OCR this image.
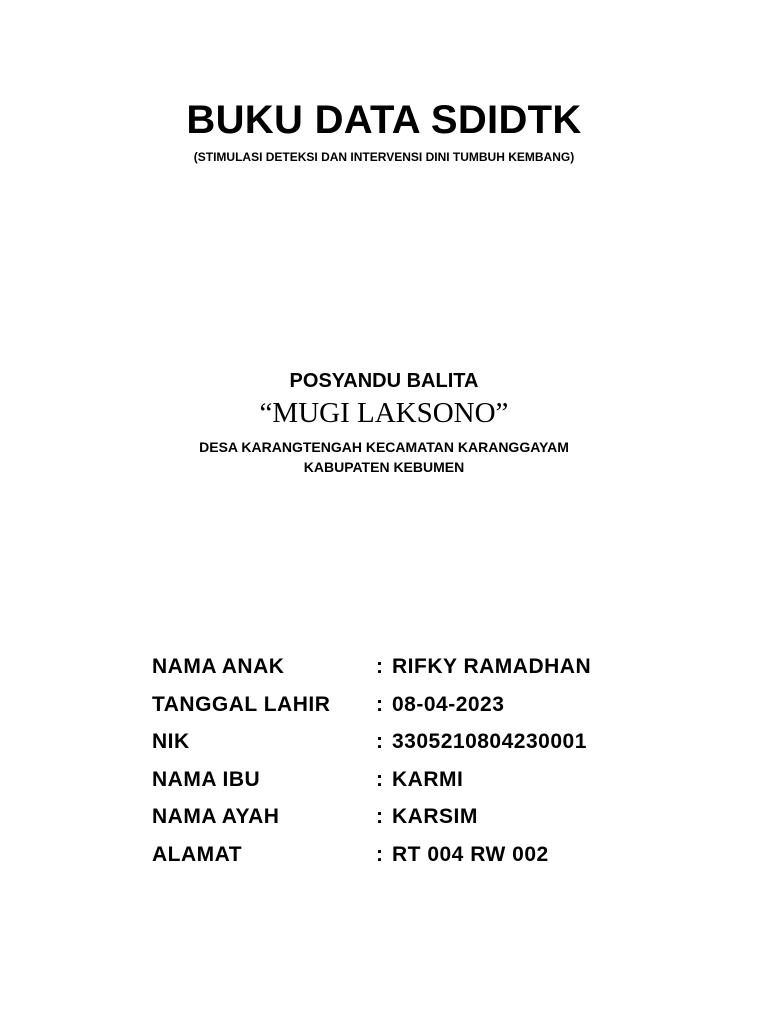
BUKU DATA SDIDTK
(STIMULASI DETEKSI DAN INTERVENSI DINI TUMBUH KEMBANG)
POSYANDU BALITA
“MUGI LAKSONO”
DESA KARANGTENGAH KECAMATAN KARANGGAYAM
KABUPATEN KEBUMEN
NAMA ANAK	: RIFKY RAMADHAN
TANGGAL LAHIR : 08-04-2023
NIK	: 3305210804230001
NAMA IBU	: KARMI
NAMA AYAH	: KARSIM
ALAMAT	: RT 004 RW 002
